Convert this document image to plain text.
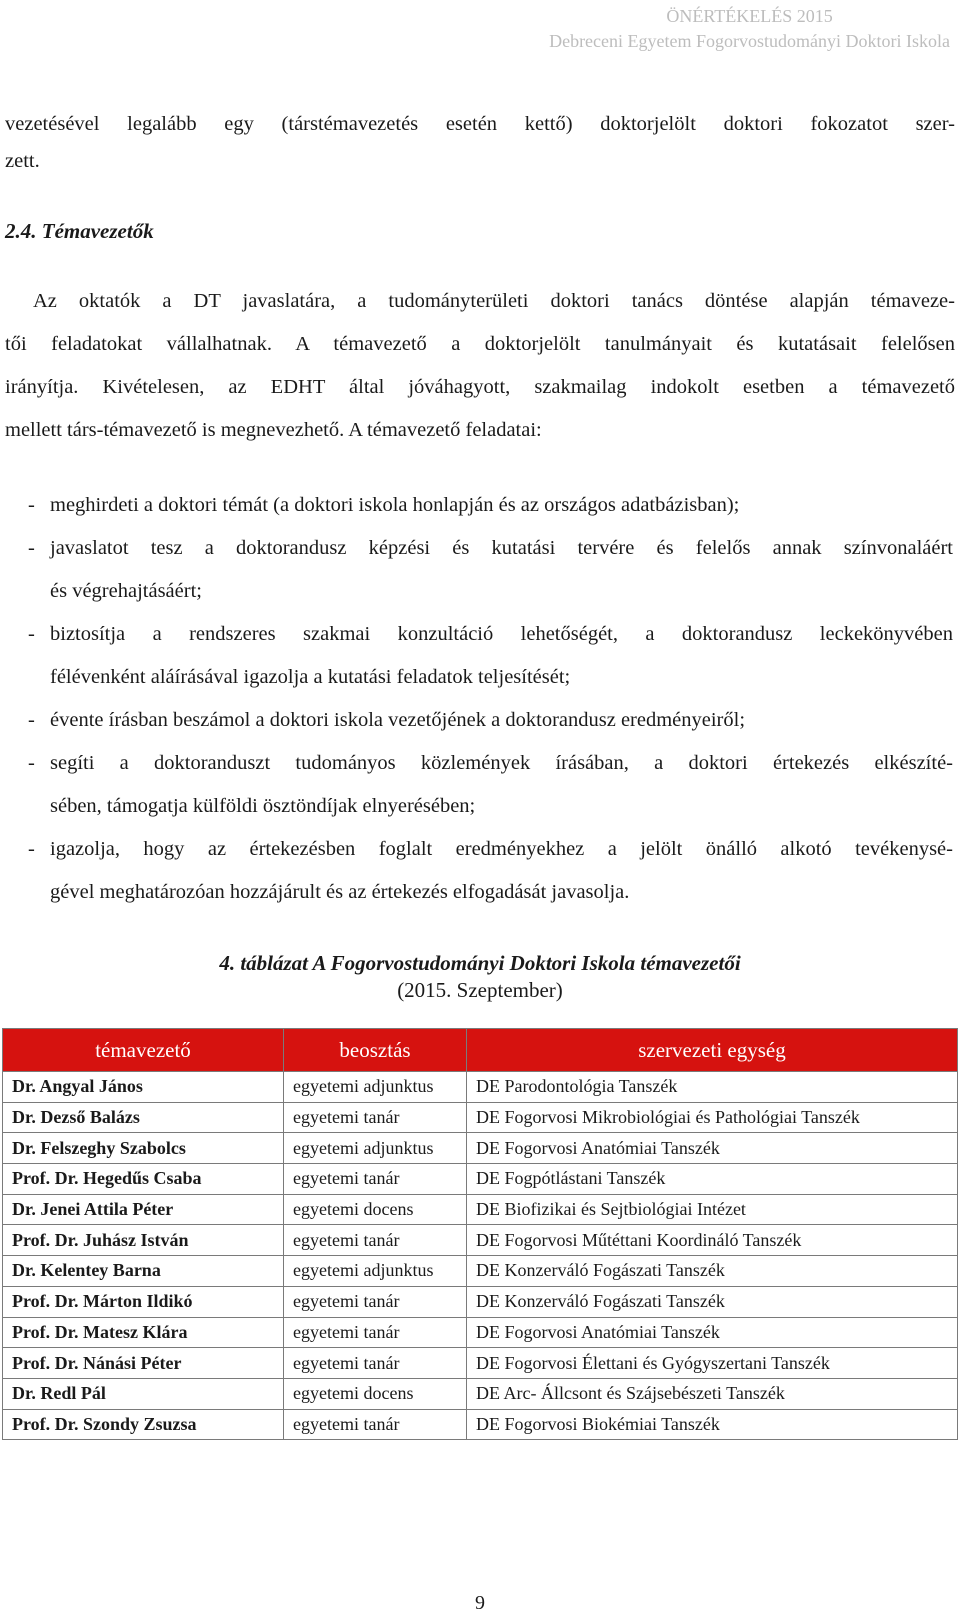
ÖNÉRTÉKELÉS 2015
Debreceni Egyetem Fogorvostudományi Doktori Iskola

vezetésével legalább egy (társtémavezetés esetén kettő) doktorjelölt doktori fokozatot szer-

zett.

2.4. Témavezetők

Az oktatók a DT javaslatára, a tudományterületi doktori tanács döntése alapján témaveze-

tői feladatokat vállalhatnak. A témavezető a doktorjelölt tanulmányait és kutatásait felelősen

irányítja. Kivételesen, az EDHT által jóváhagyott, szakmailag indokolt esetben a témavezető

mellett társ-témavezető is megnevezhető. A témavezető feladatai:

- meghirdeti a doktori témát (a doktori iskola honlapján és az országos adatbázisban);
- javaslatot tesz a doktorandusz képzési és kutatási tervére és felelős annak színvonaláért
és végrehajtásáért;
- biztosítja a rendszeres szakmai konzultáció lehetőségét, a doktorandusz leckekönyvében
félévenként aláírásával igazolja a kutatási feladatok teljesítését;
- évente írásban beszámol a doktori iskola vezetőjének a doktorandusz eredményeiről;
- segíti a doktoranduszt tudományos közlemények írásában, a doktori értekezés elkészíté-
sében, támogatja külföldi ösztöndíjak elnyerésében;
- igazolja, hogy az értekezésben foglalt eredményekhez a jelölt önálló alkotó tevékenysé-
gével meghatározóan hozzájárult és az értekezés elfogadását javasolja.
4. táblázat A Fogorvostudományi Doktori Iskola témavezetői
(2015. Szeptember)
témavezető	beosztás	szervezeti egység
Dr. Angyal János	egyetemi adjunktus	DE Parodontológia Tanszék
Dr. Dezső Balázs	egyetemi tanár	DE Fogorvosi Mikrobiológiai és Pathológiai Tanszék
Dr. Felszeghy Szabolcs	egyetemi adjunktus	DE Fogorvosi Anatómiai Tanszék
Prof. Dr. Hegedűs Csaba	egyetemi tanár	DE Fogpótlástani Tanszék
Dr. Jenei Attila Péter	egyetemi docens	DE Biofizikai és Sejtbiológiai Intézet
Prof. Dr. Juhász István	egyetemi tanár	DE Fogorvosi Műtéttani Koordináló Tanszék
Dr. Kelentey Barna	egyetemi adjunktus	DE Konzerváló Fogászati Tanszék
Prof. Dr. Márton Ildikó	egyetemi tanár	DE Konzerváló Fogászati Tanszék
Prof. Dr. Matesz Klára	egyetemi tanár	DE Fogorvosi Anatómiai Tanszék
Prof. Dr. Nánási Péter	egyetemi tanár	DE Fogorvosi Élettani és Gyógyszertani Tanszék
Dr. Redl Pál	egyetemi docens	DE Arc- Állcsont és Szájsebészeti Tanszék
Prof. Dr. Szondy Zsuzsa	egyetemi tanár	DE Fogorvosi Biokémiai Tanszék
9
